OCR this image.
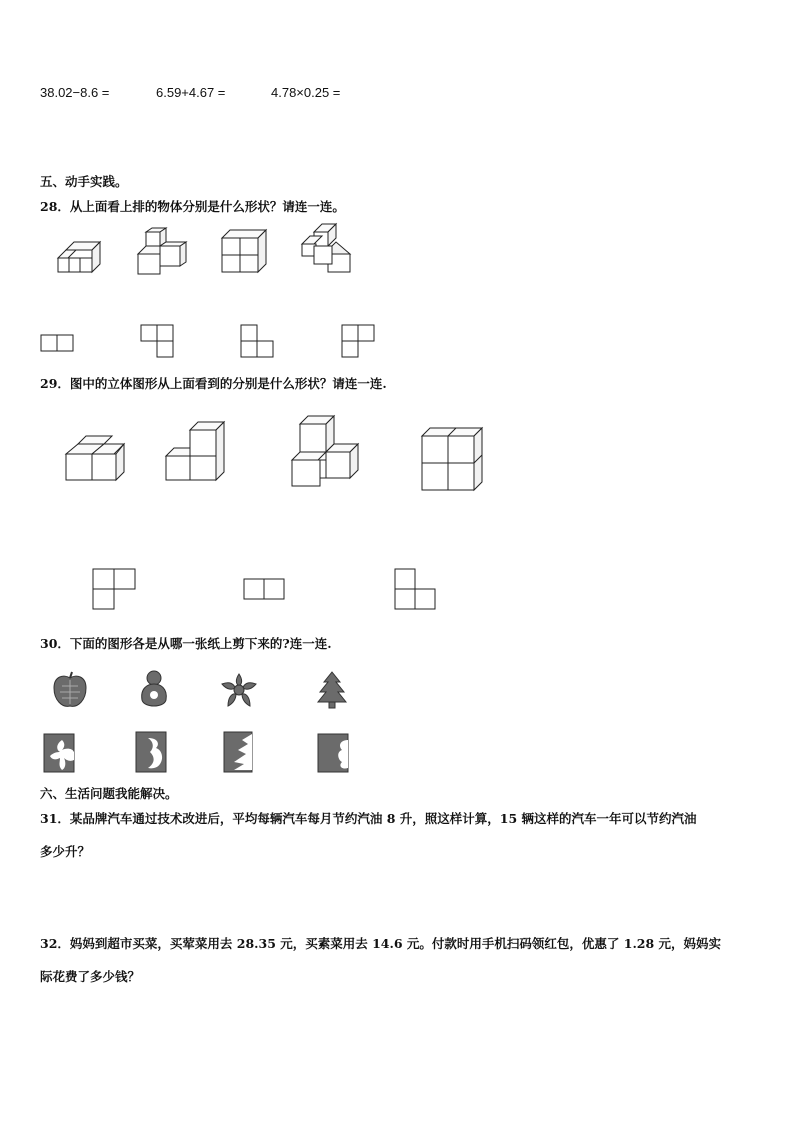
38.02−8.6 =	6.59+4.67 =	4.78×0.25 =
五、动手实践。
28．从上面看上排的物体分别是什么形状？请连一连。
29．图中的立体图形从上面看到的分别是什么形状？请连一连.
30．下面的图形各是从哪一张纸上剪下来的?连一连.
六、生活问题我能解决。
31．某品牌汽车通过技术改进后，平均每辆汽车每月节约汽油 8 升，照这样计算，15 辆这样的汽车一年可以节约汽油
多少升？
32．妈妈到超市买菜，买荤菜用去 28.35 元，买素菜用去 14.6 元。付款时用手机扫码领红包，优惠了 1.28 元，妈妈实
际花费了多少钱？
